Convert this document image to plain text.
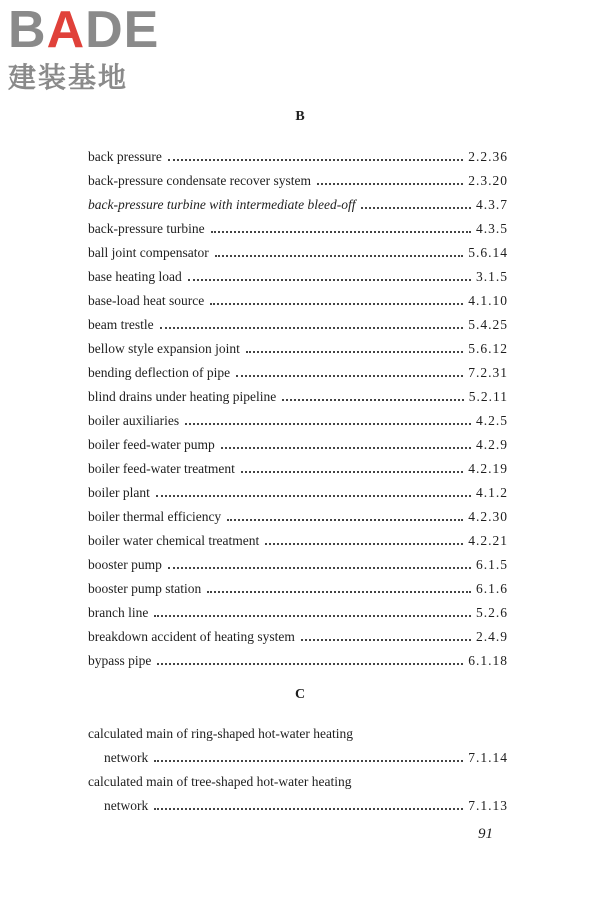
BADE
建装基地
B
back pressure	2.2.36
back-pressure condensate recover system	2.3.20
back-pressure turbine with intermediate bleed-off	4.3.7
back-pressure turbine	4.3.5
ball joint compensator	5.6.14
base heating load	3.1.5
base-load heat source	4.1.10
beam trestle	5.4.25
bellow style expansion joint	5.6.12
bending deflection of pipe	7.2.31
blind drains under heating pipeline	5.2.11
boiler auxiliaries	4.2.5
boiler feed-water pump	4.2.9
boiler feed-water treatment	4.2.19
boiler plant	4.1.2
boiler thermal efficiency	4.2.30
boiler water chemical treatment	4.2.21
booster pump	6.1.5
booster pump station	6.1.6
branch line	5.2.6
breakdown accident of heating system	2.4.9
bypass pipe	6.1.18
C
calculated main of ring-shaped hot-water heating
network	7.1.14
calculated main of tree-shaped hot-water heating
network	7.1.13
91
